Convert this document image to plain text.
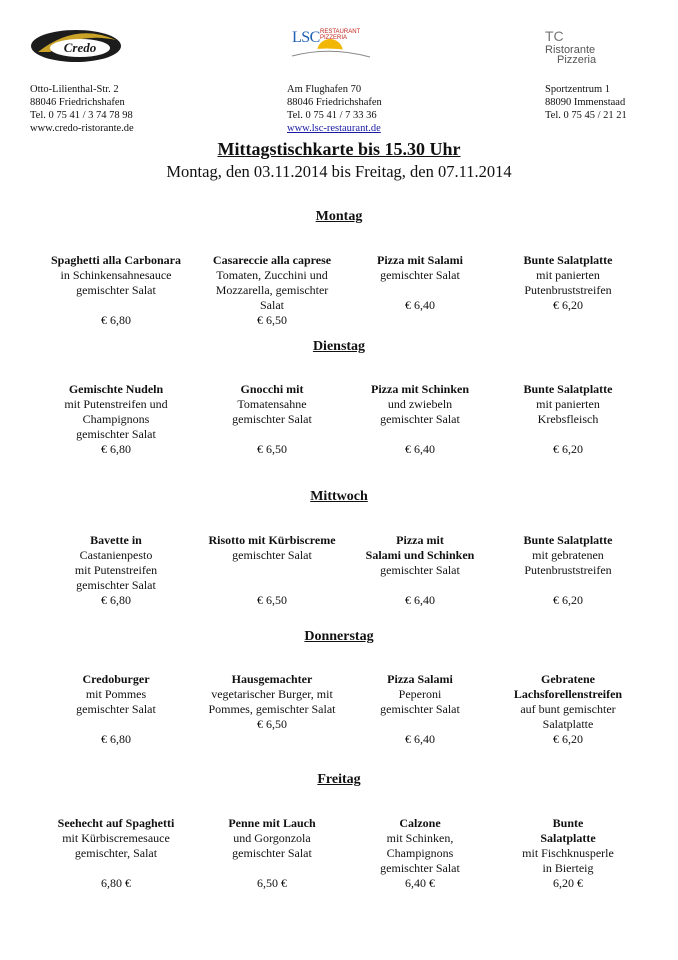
Credo
LSC RESTAURANT
PIZZERIA	TC
Ristorante
Pizzeria
Otto-Lilienthal-Str. 2
88046 Friedrichshafen
Tel. 0 75 41 / 3 74 78 98
www.credo-ristorante.de
Am Flughafen 70
88046 Friedrichshafen
Tel. 0 75 41 / 7 33 36
www.lsc-restaurant.de
Sportzentrum 1
88090 Immenstaad
Tel. 0 75 45 / 21 21
Mittagstischkarte bis 15.30 Uhr
Montag, den 03.11.2014 bis Freitag, den 07.11.2014
Montag
Spaghetti alla Carbonara
in Schinkensahnesauce
gemischter Salat
€ 6,80
Casareccie alla caprese
Tomaten, Zucchini und
Mozzarella, gemischter
Salat
€ 6,50
Pizza mit Salami
gemischter Salat
€ 6,40
Bunte Salatplatte
mit panierten
Putenbruststreifen
€ 6,20
Dienstag
Gemischte Nudeln
mit Putenstreifen und
Champignons
gemischter Salat
€ 6,80
Gnocchi mit
Tomatensahne
gemischter Salat
€ 6,50
Pizza mit Schinken
und zwiebeln
gemischter Salat
€ 6,40
Bunte Salatplatte
mit panierten
Krebsfleisch
€ 6,20
Mittwoch
Bavette in
Castanienpesto
mit Putenstreifen
gemischter Salat
€ 6,80
Risotto mit Kürbiscreme
gemischter Salat
€ 6,50
Pizza mit
Salami und Schinken
gemischter Salat
€ 6,40
Bunte Salatplatte
mit gebratenen
Putenbruststreifen
€ 6,20
Donnerstag
Credoburger
mit Pommes
gemischter Salat
€ 6,80
Hausgemachter
vegetarischer Burger, mit
Pommes, gemischter Salat
€ 6,50
Pizza Salami
Peperoni
gemischter Salat
€ 6,40
Gebratene
Lachsforellenstreifen
auf bunt gemischter
Salatplatte
€ 6,20
Freitag
Seehecht auf Spaghetti
mit Kürbiscremesauce
gemischter, Salat
6,80 €
Penne mit Lauch
und Gorgonzola
gemischter Salat
6,50 €
Calzone
mit Schinken,
Champignons
gemischter Salat
6,40 €
Bunte
Salatplatte
mit Fischknusperle
in Bierteig
6,20 €
